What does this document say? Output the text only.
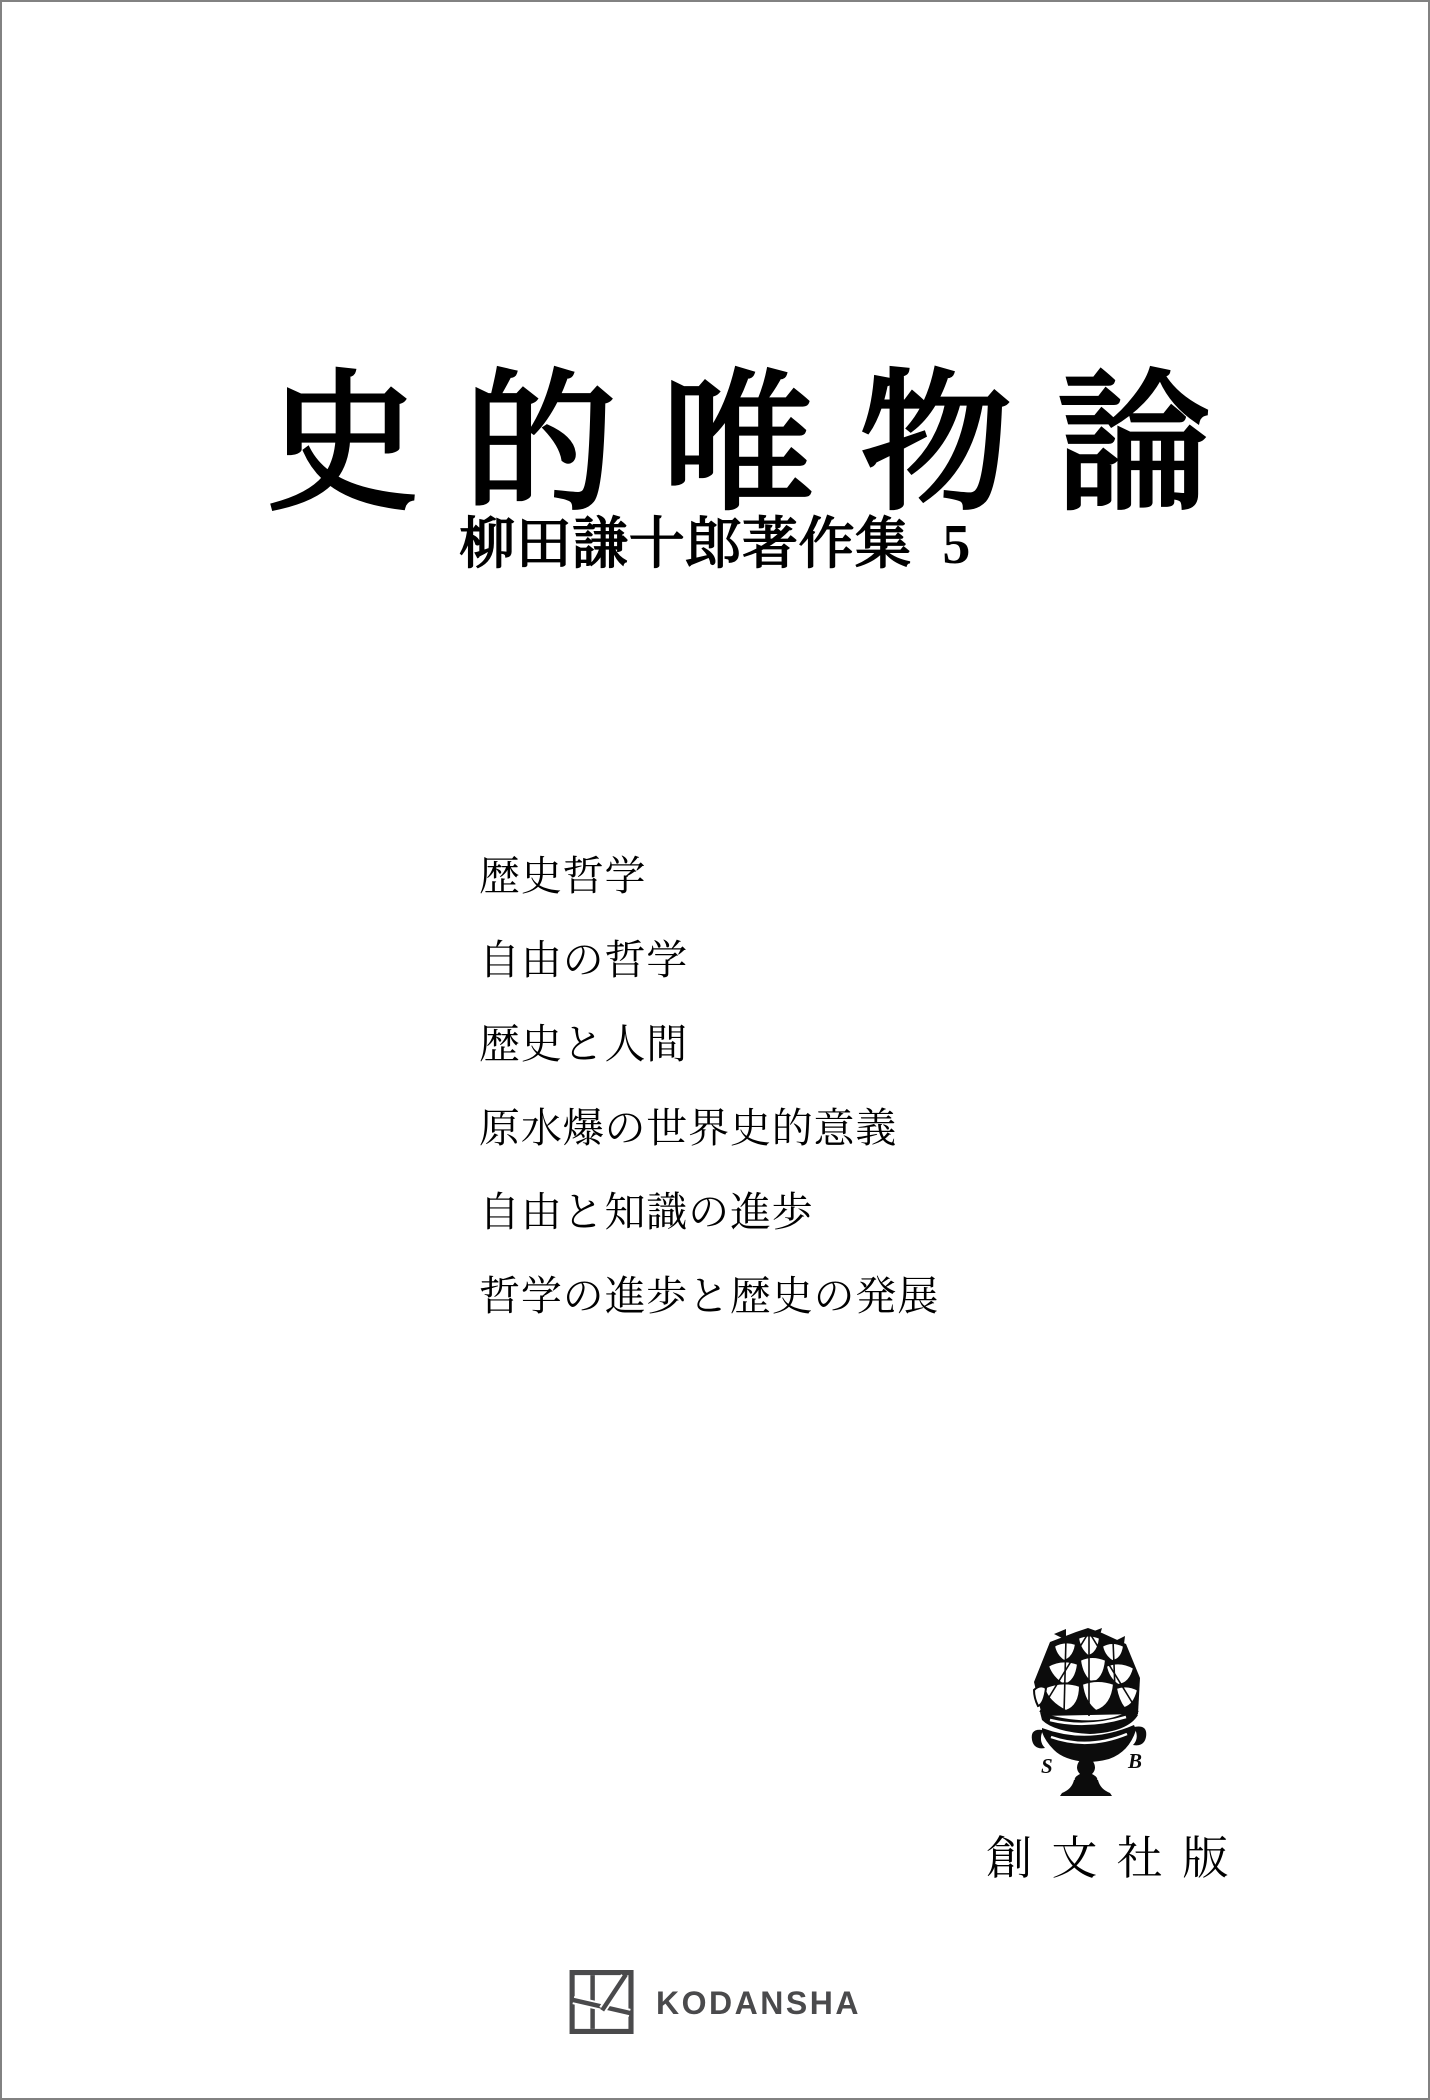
史的唯物論
柳田謙十郎著作集 5
歴史哲学
自由の哲学
歴史と人間
原水爆の世界史的意義
自由と知識の進歩
哲学の進歩と歴史の発展
S	B
創文社版
KODANSHA
